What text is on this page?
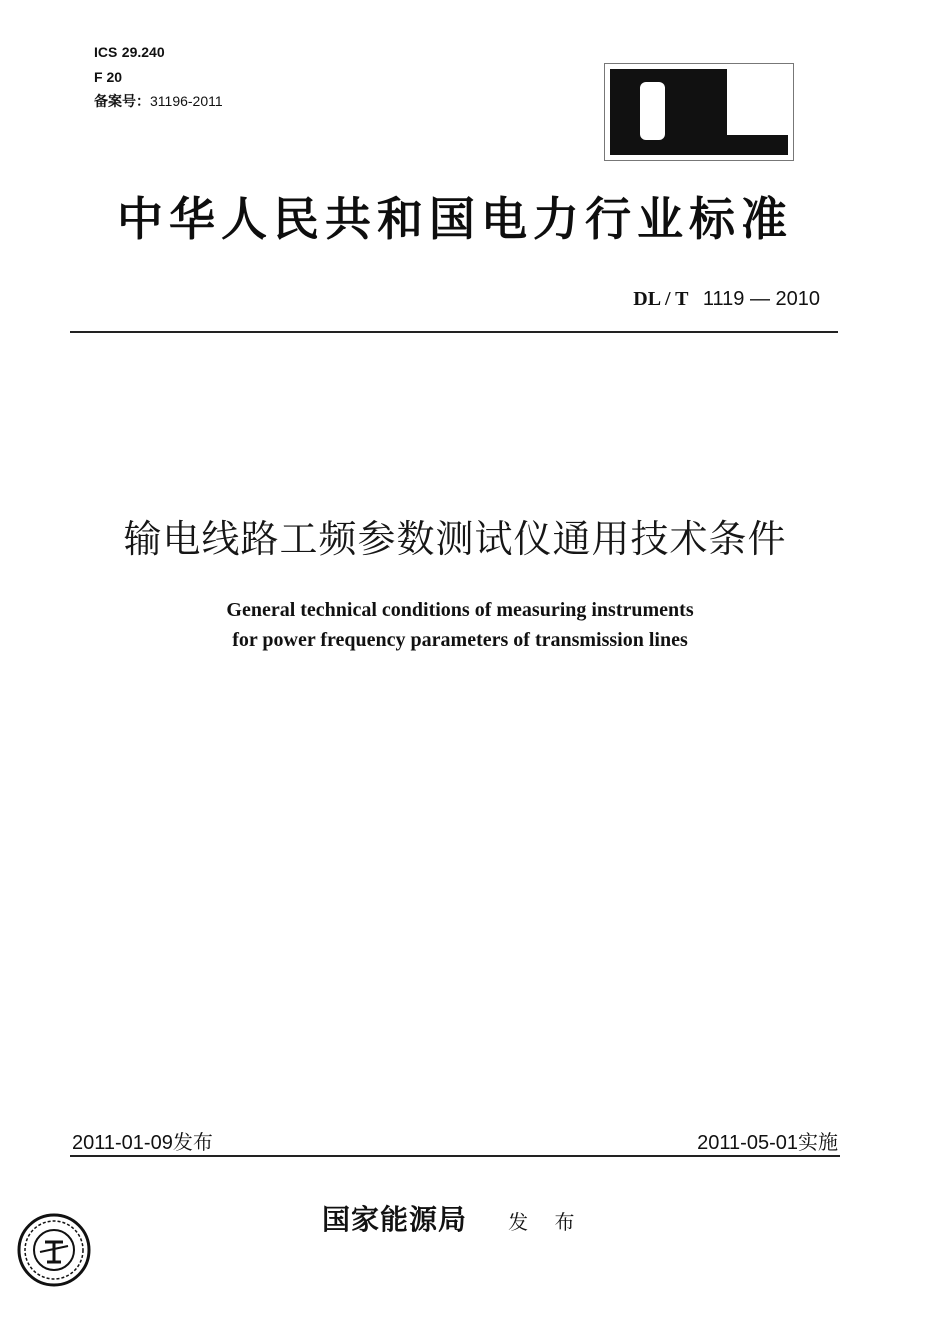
ICS 29.240
F 20
备案号：31196-2011
中华人民共和国电力行业标准
DL / T 1119 — 2010
输电线路工频参数测试仪通用技术条件
General technical conditions of measuring instruments
for power frequency parameters of transmission lines
2011-01-09发布	2011-05-01实施
国家能源局 发 布
